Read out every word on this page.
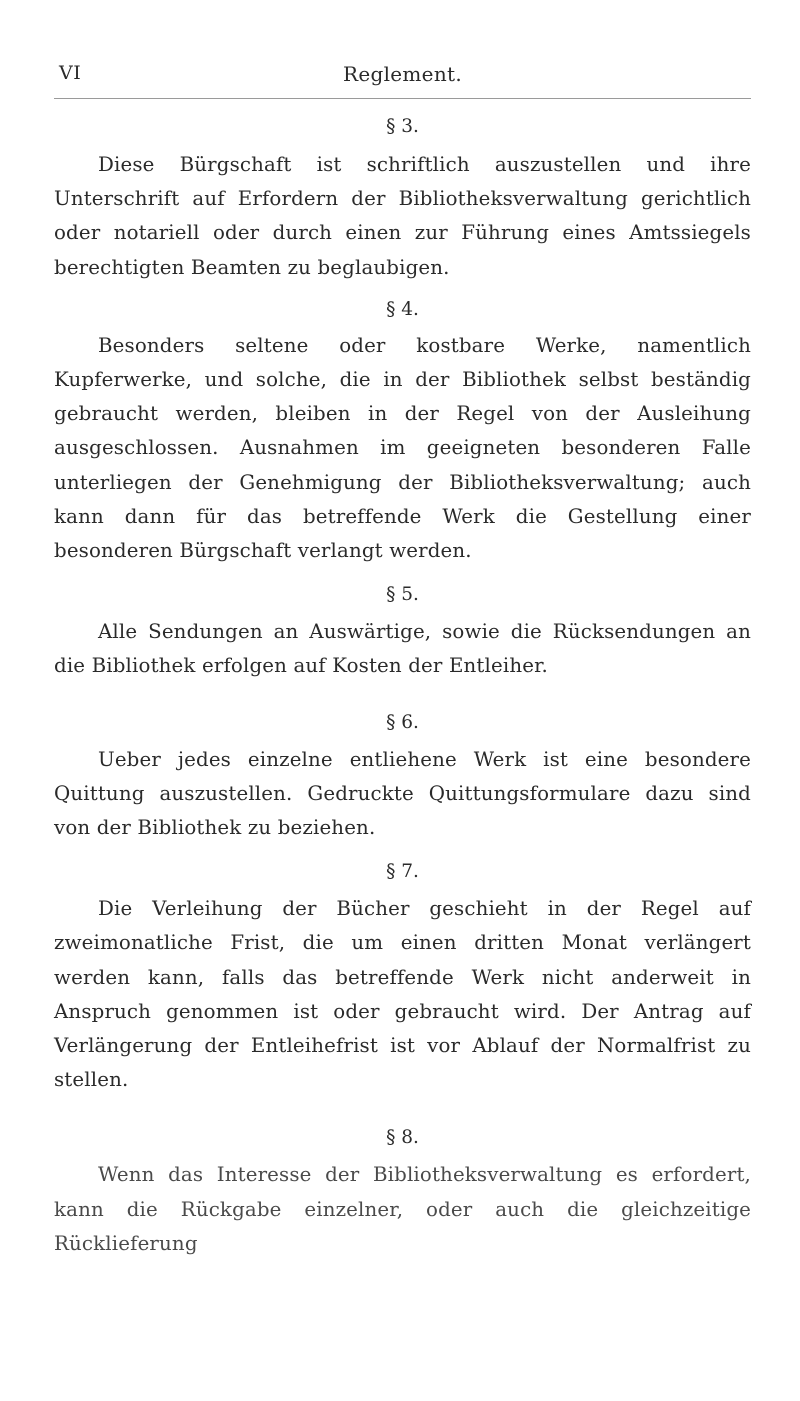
VI	Reglement.
§ 3.

Diese Bürgschaft ist schriftlich auszustellen und ihre Unterschrift auf Erfordern der Bibliotheksverwaltung gerichtlich oder notariell oder durch einen zur Führung eines Amtssiegels berechtigten Beamten zu beglaubigen.

§ 4.

Besonders seltene oder kostbare Werke, namentlich Kupferwerke, und solche, die in der Bibliothek selbst beständig gebraucht werden, bleiben in der Regel von der Ausleihung ausgeschlossen. Ausnahmen im geeigneten besonderen Falle unterliegen der Genehmigung der Bibliotheksverwaltung; auch kann dann für das betreffende Werk die Gestellung einer besonderen Bürgschaft verlangt werden.

§ 5.

Alle Sendungen an Auswärtige, sowie die Rücksendungen an die Bibliothek erfolgen auf Kosten der Entleiher.

§ 6.

Ueber jedes einzelne entliehene Werk ist eine besondere Quittung auszustellen. Gedruckte Quittungsformulare dazu sind von der Bibliothek zu beziehen.

§ 7.

Die Verleihung der Bücher geschieht in der Regel auf zweimonatliche Frist, die um einen dritten Monat verlängert werden kann, falls das betreffende Werk nicht anderweit in Anspruch genommen ist oder gebraucht wird. Der Antrag auf Verlängerung der Entleihefrist ist vor Ablauf der Normalfrist zu stellen.

§ 8.

Wenn das Interesse der Bibliotheksverwaltung es erfordert, kann die Rückgabe einzelner, oder auch die gleichzeitige Rücklieferung
